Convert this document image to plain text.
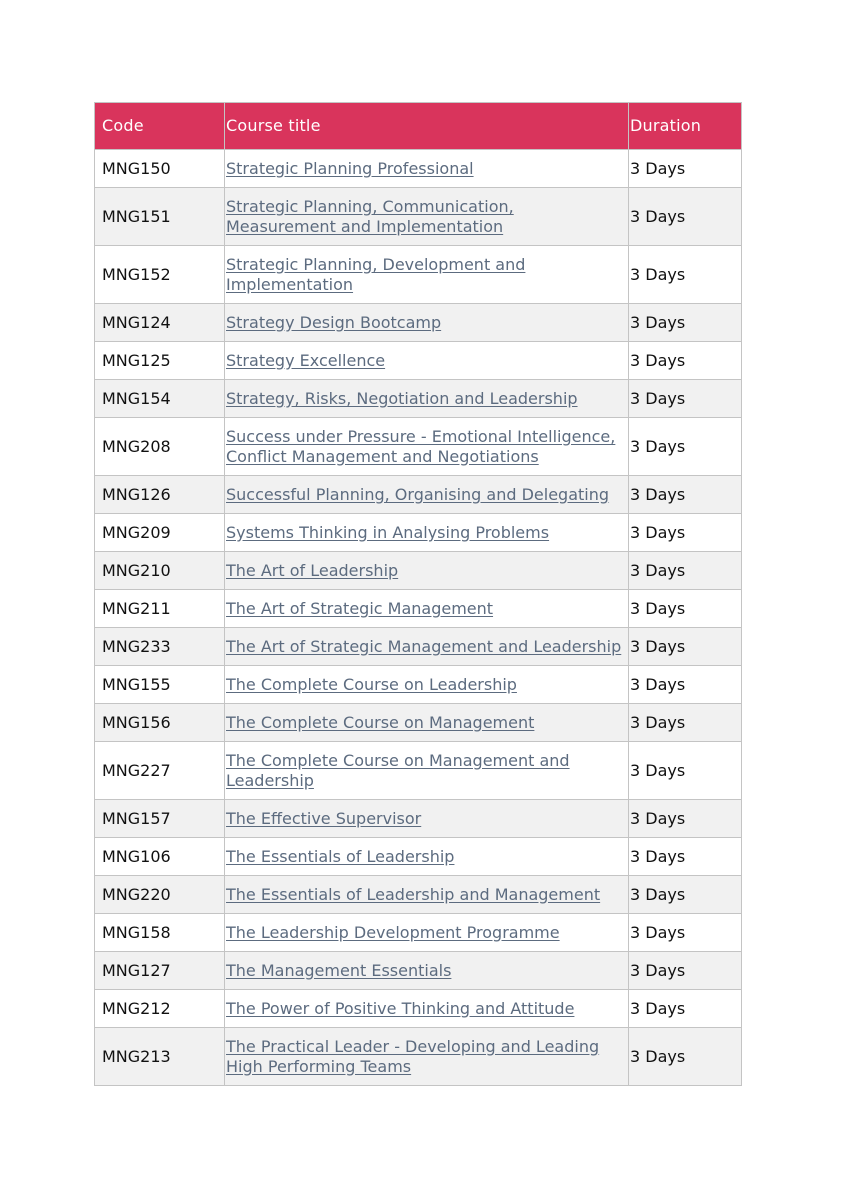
Code	Course title	Duration
MNG150	Strategic Planning Professional	3 Days
MNG151	Strategic Planning, Communication, Measurement and Implementation	3 Days
MNG152	Strategic Planning, Development and Implementation	3 Days
MNG124	Strategy Design Bootcamp	3 Days
MNG125	Strategy Excellence	3 Days
MNG154	Strategy, Risks, Negotiation and Leadership	3 Days
MNG208	Success under Pressure - Emotional Intelligence, Conflict Management and Negotiations	3 Days
MNG126	Successful Planning, Organising and Delegating	3 Days
MNG209	Systems Thinking in Analysing Problems	3 Days
MNG210	The Art of Leadership	3 Days
MNG211	The Art of Strategic Management	3 Days
MNG233	The Art of Strategic Management and Leadership	3 Days
MNG155	The Complete Course on Leadership	3 Days
MNG156	The Complete Course on Management	3 Days
MNG227	The Complete Course on Management and Leadership	3 Days
MNG157	The Effective Supervisor	3 Days
MNG106	The Essentials of Leadership	3 Days
MNG220	The Essentials of Leadership and Management	3 Days
MNG158	The Leadership Development Programme	3 Days
MNG127	The Management Essentials	3 Days
MNG212	The Power of Positive Thinking and Attitude	3 Days
MNG213	The Practical Leader - Developing and Leading High Performing Teams	3 Days
